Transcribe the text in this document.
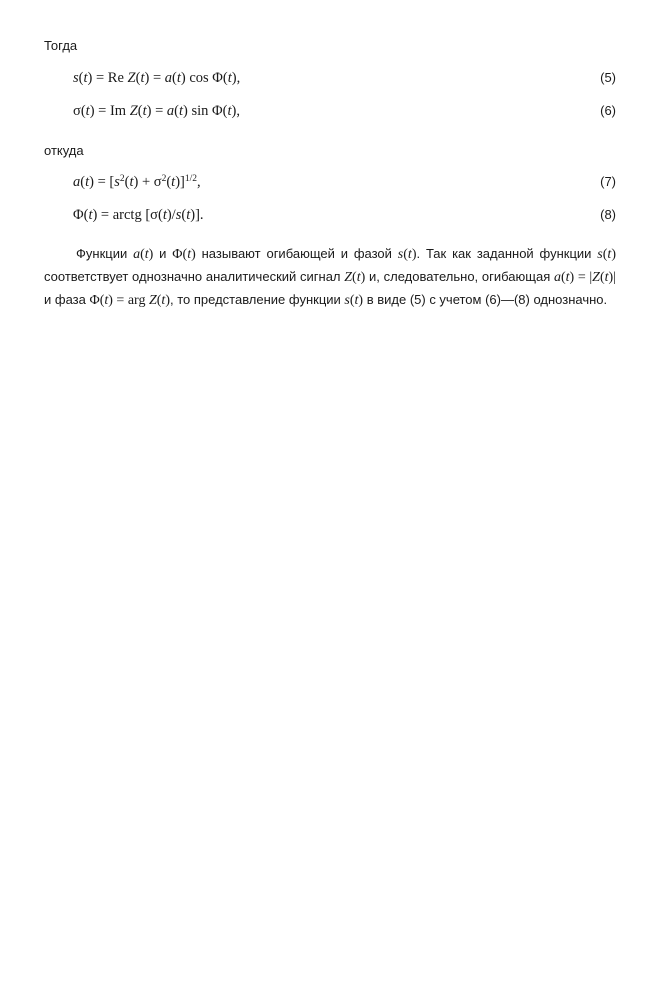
Тогда
s(t) = Re Z(t) = a(t) cos Φ(t),	(5)
σ(t) = Im Z(t) = a(t) sin Φ(t),	(6)
откуда
$a(t) = [s^2(t) + \sigma^2(t)]^{1/2}$,	(7)
Φ(t) = arctg [σ(t)/s(t)].	(8)

Функции a(t) и Φ(t) называют огибающей и фазой s(t). Так как заданной функции s(t) соответствует однозначно аналитический сигнал Z(t) и, следовательно, огибающая a(t) = |Z(t)| и фаза Φ(t) = arg Z(t), то представление функции s(t) в виде (5) с учетом (6)—(8) однозначно.
